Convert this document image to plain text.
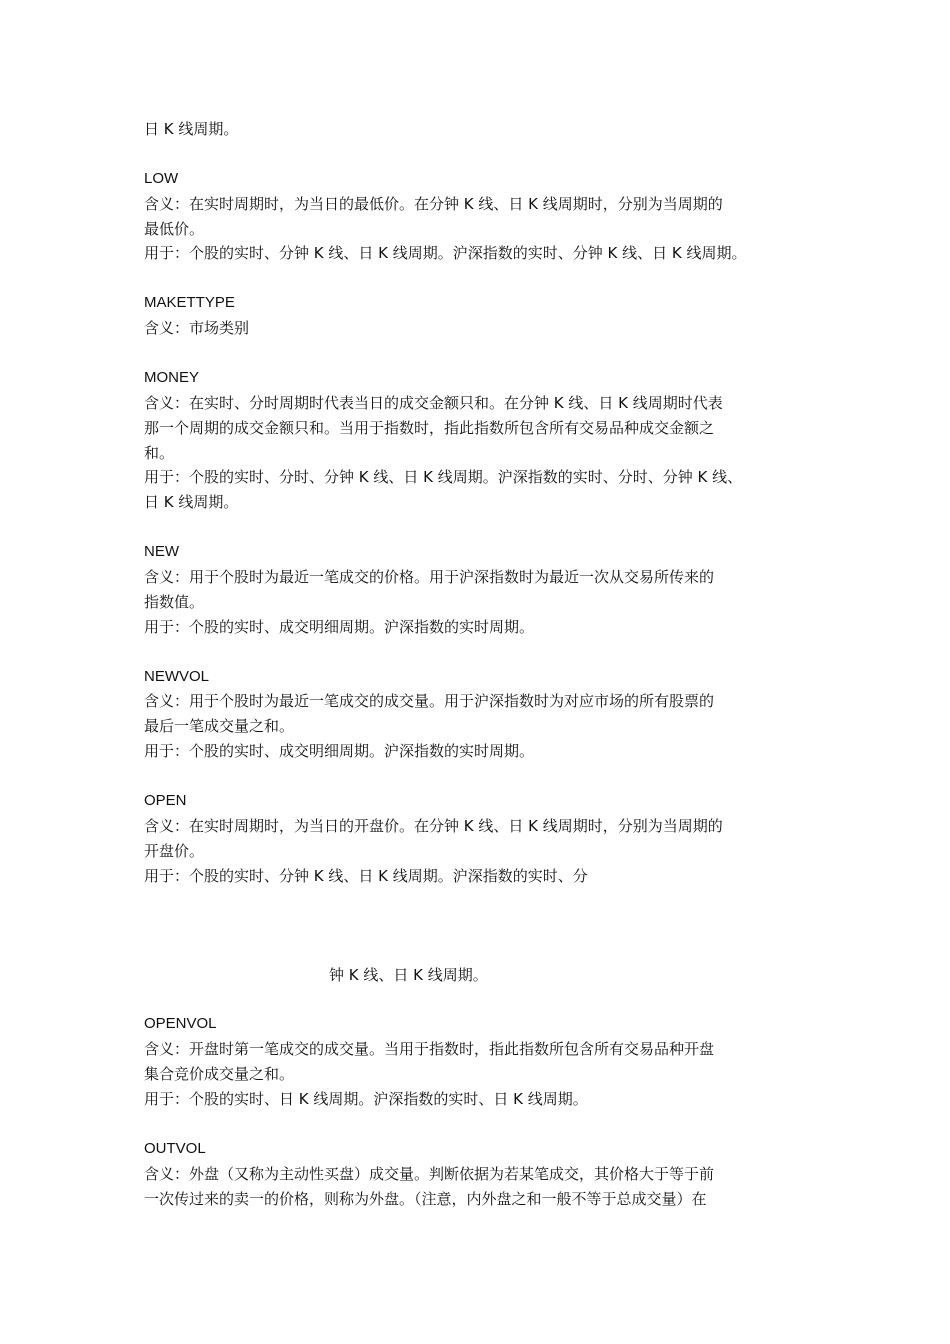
日 K 线周期。
LOW
含义：在实时周期时，为当日的最低价。在分钟 K 线、日 K 线周期时，分别为当周期的
最低价。
用于：个股的实时、分钟 K 线、日 K 线周期。沪深指数的实时、分钟 K 线、日 K 线周期。
MAKETTYPE
含义：市场类别
MONEY
含义：在实时、分时周期时代表当日的成交金额只和。在分钟 K 线、日 K 线周期时代表
那一个周期的成交金额只和。当用于指数时，指此指数所包含所有交易品种成交金额之
和。
用于：个股的实时、分时、分钟 K 线、日 K 线周期。沪深指数的实时、分时、分钟 K 线、
日 K 线周期。
NEW
含义：用于个股时为最近一笔成交的价格。用于沪深指数时为最近一次从交易所传来的
指数值。
用于：个股的实时、成交明细周期。沪深指数的实时周期。
NEWVOL
含义：用于个股时为最近一笔成交的成交量。用于沪深指数时为对应市场的所有股票的
最后一笔成交量之和。
用于：个股的实时、成交明细周期。沪深指数的实时周期。
OPEN
含义：在实时周期时，为当日的开盘价。在分钟 K 线、日 K 线周期时，分别为当周期的
开盘价。
用于：个股的实时、分钟 K 线、日 K 线周期。沪深指数的实时、分
钟 K 线、日 K 线周期。
OPENVOL
含义：开盘时第一笔成交的成交量。当用于指数时，指此指数所包含所有交易品种开盘
集合竞价成交量之和。
用于：个股的实时、日 K 线周期。沪深指数的实时、日 K 线周期。
OUTVOL
含义：外盘（又称为主动性买盘）成交量。判断依据为若某笔成交，其价格大于等于前
一次传过来的卖一的价格，则称为外盘。（注意，内外盘之和一般不等于总成交量）在
